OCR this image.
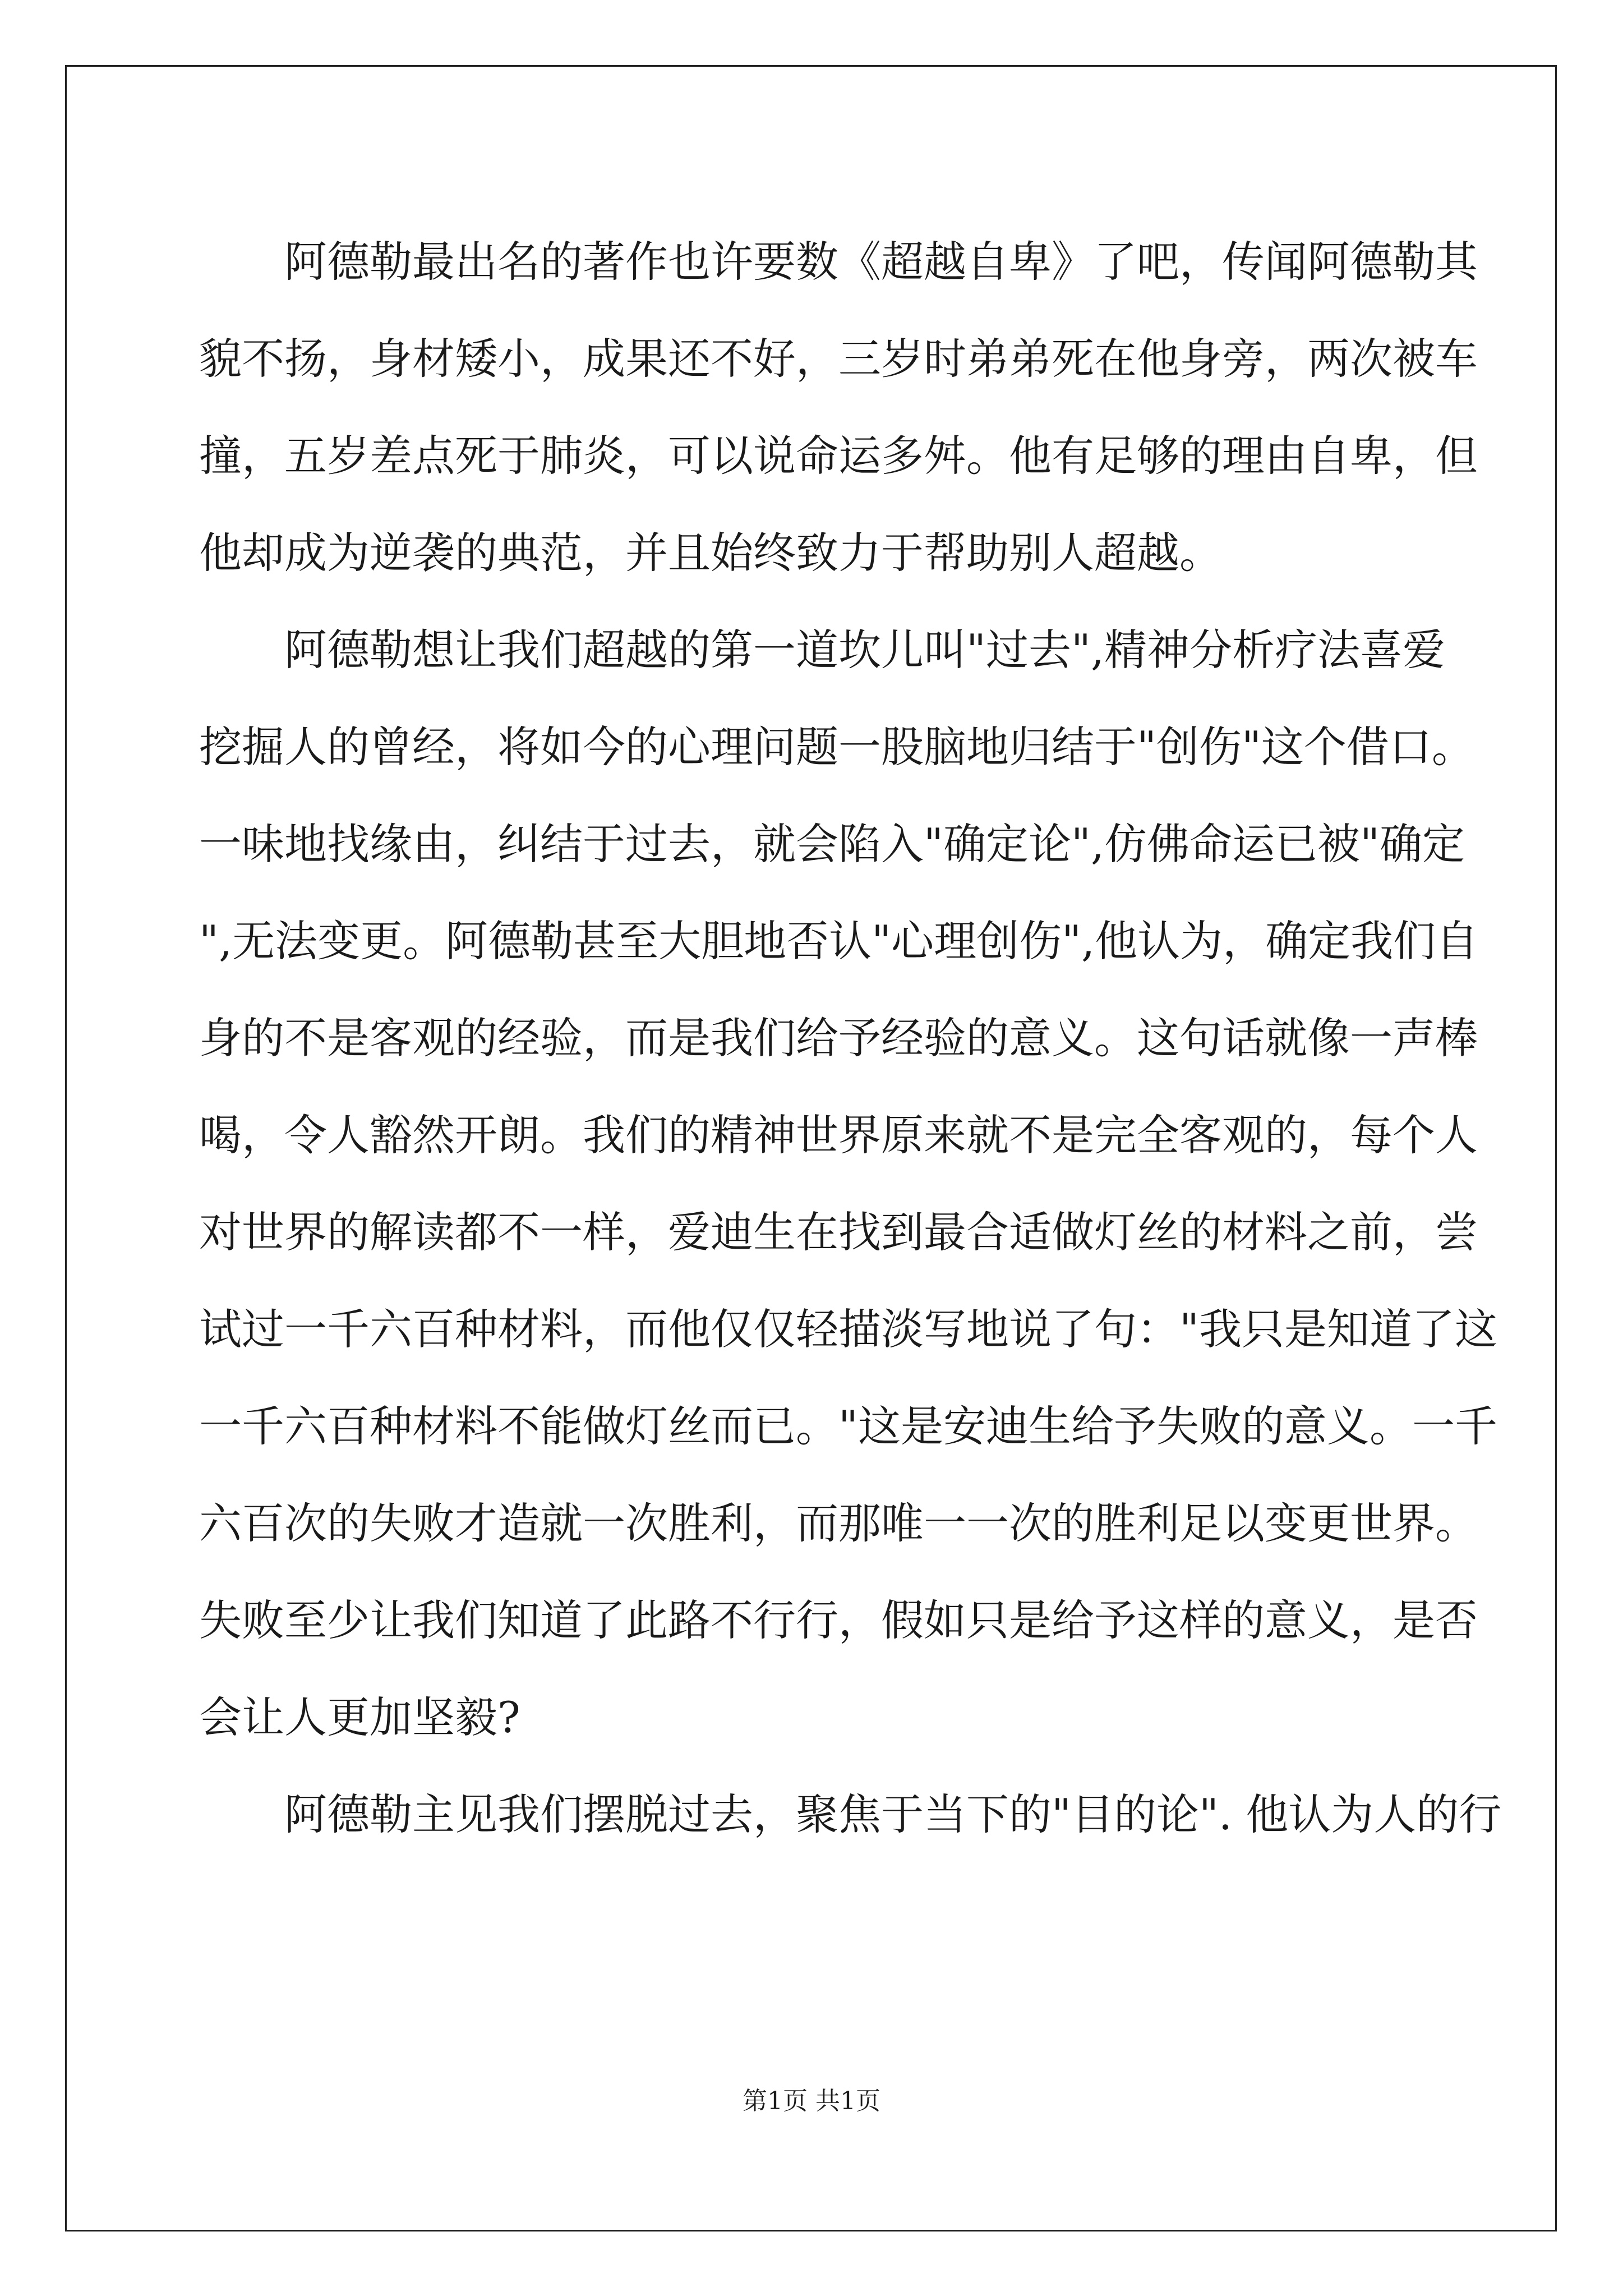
阿德勒最出名的著作也许要数《超越自卑》了吧，传闻阿德勒其
貌不扬，身材矮小，成果还不好，三岁时弟弟死在他身旁，两次被车
撞，五岁差点死于肺炎，可以说命运多舛。他有足够的理由自卑，但
他却成为逆袭的典范，并且始终致力于帮助别人超越。
阿德勒想让我们超越的第一道坎儿叫"过去",精神分析疗法喜爱
挖掘人的曾经，将如今的心理问题一股脑地归结于"创伤"这个借口。
一味地找缘由，纠结于过去，就会陷入"确定论",仿佛命运已被"确定
",无法变更。阿德勒甚至大胆地否认"心理创伤",他认为，确定我们自
身的不是客观的经验，而是我们给予经验的意义。这句话就像一声棒
喝，令人豁然开朗。我们的精神世界原来就不是完全客观的，每个人
对世界的解读都不一样，爱迪生在找到最合适做灯丝的材料之前，尝
试过一千六百种材料，而他仅仅轻描淡写地说了句："我只是知道了这
一千六百种材料不能做灯丝而已。"这是安迪生给予失败的意义。一千
六百次的失败才造就一次胜利，而那唯一一次的胜利足以变更世界。
失败至少让我们知道了此路不行行，假如只是给予这样的意义，是否
会让人更加坚毅?
阿德勒主见我们摆脱过去，聚焦于当下的"目的论". 他认为人的行
第1页 共1页
